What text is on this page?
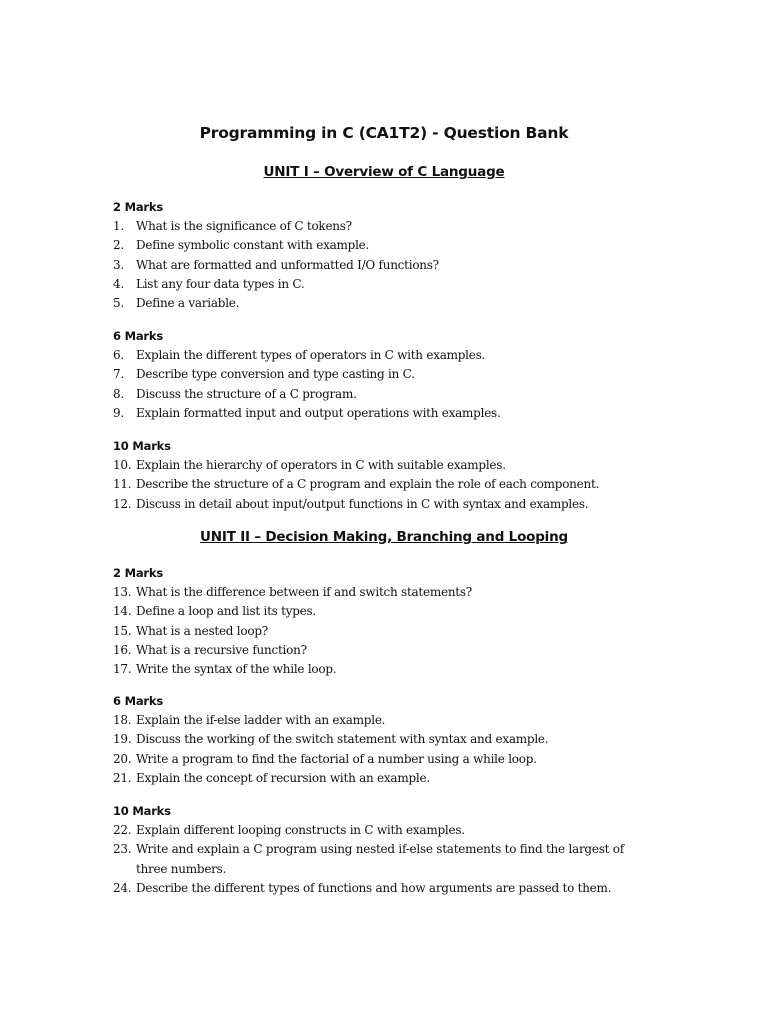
Programming in C (CA1T2) - Question Bank
UNIT I – Overview of C Language
2 Marks
1. What is the significance of C tokens?
2. Define symbolic constant with example.
3. What are formatted and unformatted I/O functions?
4. List any four data types in C.
5. Define a variable.
6 Marks
6. Explain the different types of operators in C with examples.
7. Describe type conversion and type casting in C.
8. Discuss the structure of a C program.
9. Explain formatted input and output operations with examples.
10 Marks
10. Explain the hierarchy of operators in C with suitable examples.
11. Describe the structure of a C program and explain the role of each component.
12. Discuss in detail about input/output functions in C with syntax and examples.
UNIT II – Decision Making, Branching and Looping
2 Marks
13. What is the difference between if and switch statements?
14. Define a loop and list its types.
15. What is a nested loop?
16. What is a recursive function?
17. Write the syntax of the while loop.
6 Marks
18. Explain the if-else ladder with an example.
19. Discuss the working of the switch statement with syntax and example.
20. Write a program to find the factorial of a number using a while loop.
21. Explain the concept of recursion with an example.
10 Marks
22. Explain different looping constructs in C with examples.
23. Write and explain a C program using nested if-else statements to find the largest of three numbers.
24. Describe the different types of functions and how arguments are passed to them.
